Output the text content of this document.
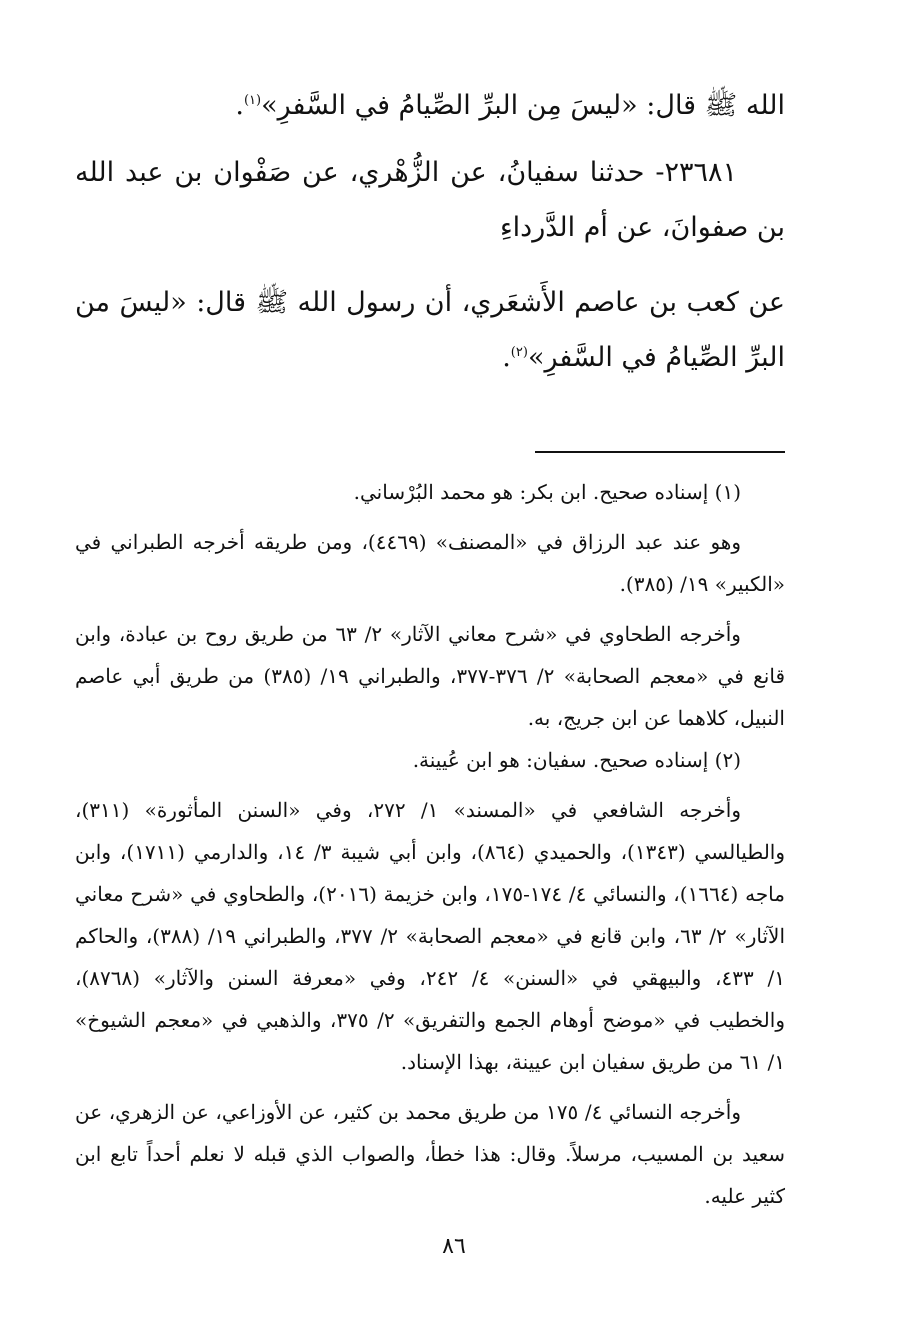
الله ﷺ قال: «ليسَ مِن البرِّ الصِّيامُ في السَّفرِ»$^{(١)}$.

٢٣٦٨١- حدثنا سفيانُ، عن الزُّهْري، عن صَفْوان بن عبد الله بن صفوانَ، عن أم الدَّرداءِ

عن كعب بن عاصم الأَشعَري، أن رسول الله ﷺ قال: «ليسَ من البرِّ الصِّيامُ في السَّفرِ»$^{(٢)}$.

(١) إسناده صحيح. ابن بكر: هو محمد البُرْساني.

وهو عند عبد الرزاق في «المصنف» (٤٤٦٩)، ومن طريقه أخرجه الطبراني في «الكبير» ١٩/ (٣٨٥).

وأخرجه الطحاوي في «شرح معاني الآثار» ٢/ ٦٣ من طريق روح بن عبادة، وابن قانع في «معجم الصحابة» ٢/ ٣٧٦-٣٧٧، والطبراني ١٩/ (٣٨٥) من طريق أبي عاصم النبيل، كلاهما عن ابن جريج، به.

(٢) إسناده صحيح. سفيان: هو ابن عُيينة.

وأخرجه الشافعي في «المسند» ١/ ٢٧٢، وفي «السنن المأثورة» (٣١١)، والطيالسي (١٣٤٣)، والحميدي (٨٦٤)، وابن أبي شيبة ٣/ ١٤، والدارمي (١٧١١)، وابن ماجه (١٦٦٤)، والنسائي ٤/ ١٧٤-١٧٥، وابن خزيمة (٢٠١٦)، والطحاوي في «شرح معاني الآثار» ٢/ ٦٣، وابن قانع في «معجم الصحابة» ٢/ ٣٧٧، والطبراني ١٩/ (٣٨٨)، والحاكم ١/ ٤٣٣، والبيهقي في «السنن» ٤/ ٢٤٢، وفي «معرفة السنن والآثار» (٨٧٦٨)، والخطيب في «موضح أوهام الجمع والتفريق» ٢/ ٣٧٥، والذهبي في «معجم الشيوخ» ١/ ٦١ من طريق سفيان ابن عيينة، بهذا الإسناد.

وأخرجه النسائي ٤/ ١٧٥ من طريق محمد بن كثير، عن الأوزاعي، عن الزهري، عن سعيد بن المسيب، مرسلاً. وقال: هذا خطأ، والصواب الذي قبله لا نعلم أحداً تابع ابن كثير عليه.

٨٦
